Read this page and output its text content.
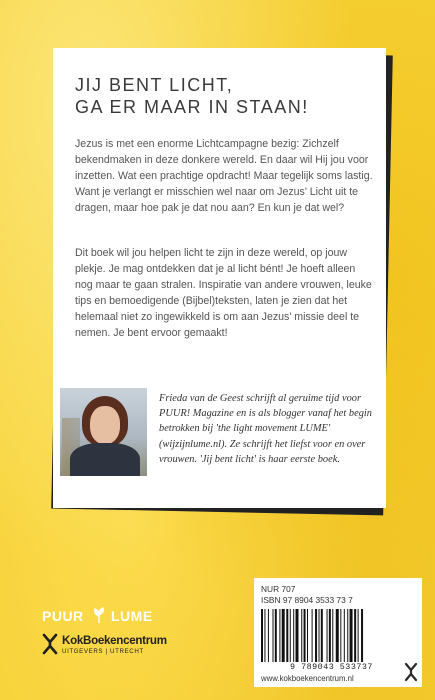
JIJ BENT LICHT,
GA ER MAAR IN STAAN!

Jezus is met een enorme Lichtcampagne bezig: Zichzelf bekendmaken in deze donkere wereld. En daar wil Hij jou voor inzetten. Wat een prachtige opdracht! Maar tegelijk soms lastig. Want je verlangt er misschien wel naar om Jezus' Licht uit te dragen, maar hoe pak je dat nou aan? En kun je dat wel?

Dit boek wil jou helpen licht te zijn in deze wereld, op jouw plekje. Je mag ontdekken dat je al licht bént! Je hoeft alleen nog maar te gaan stralen. Inspiratie van andere vrouwen, leuke tips en bemoedigende (Bijbel)teksten, laten je zien dat het helemaal niet zo ingewikkeld is om aan Jezus' missie deel te nemen. Je bent ervoor gemaakt!

Frieda van de Geest schrijft al geruime tijd voor PUUR! Magazine en is als blogger vanaf het begin betrokken bij 'the light movement LUME' (wijzijnlume.nl). Ze schrijft het liefst voor en over vrouwen. 'Jij bent licht' is haar eerste boek.

NUR 707
ISBN 97 8904 3533 73 7
9 789043 533737
www.kokboekencentrum.nl
PUUR LUME
KokBoekencentrum
UITGEVERS | UTRECHT
